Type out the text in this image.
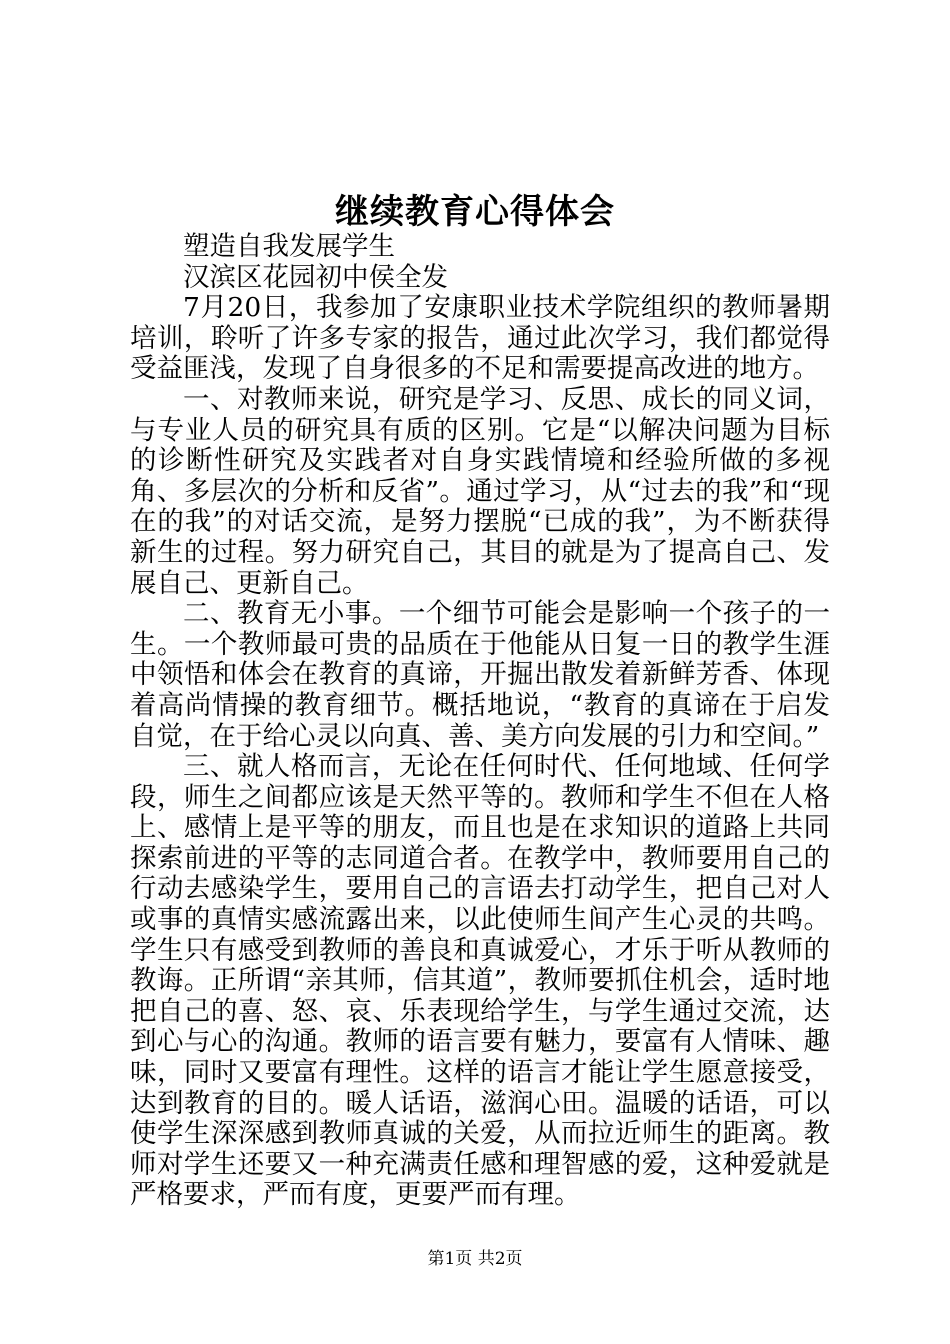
继续教育心得体会

塑造自我发展学生

汉滨区花园初中侯全发

7月20日，我参加了安康职业技术学院组织的教师暑期培训，聆听了许多专家的报告，通过此次学习，我们都觉得受益匪浅，发现了自身很多的不足和需要提高改进的地方。

一、对教师来说，研究是学习、反思、成长的同义词，与专业人员的研究具有质的区别。它是“以解决问题为目标的诊断性研究及实践者对自身实践情境和经验所做的多视角、多层次的分析和反省”。通过学习，从“过去的我”和“现在的我”的对话交流，是努力摆脱“已成的我”，为不断获得新生的过程。努力研究自己，其目的就是为了提高自己、发展自己、更新自己。

二、教育无小事。一个细节可能会是影响一个孩子的一生。一个教师最可贵的品质在于他能从日复一日的教学生涯中领悟和体会在教育的真谛，开掘出散发着新鲜芳香、体现着高尚情操的教育细节。概括地说，“教育的真谛在于启发自觉，在于给心灵以向真、善、美方向发展的引力和空间。”

三、就人格而言，无论在任何时代、任何地域、任何学段，师生之间都应该是天然平等的。教师和学生不但在人格上、感情上是平等的朋友，而且也是在求知识的道路上共同探索前进的平等的志同道合者。在教学中，教师要用自己的行动去感染学生，要用自己的言语去打动学生，把自己对人或事的真情实感流露出来，以此使师生间产生心灵的共鸣。学生只有感受到教师的善良和真诚爱心，才乐于听从教师的教诲。正所谓“亲其师，信其道”，教师要抓住机会，适时地把自己的喜、怒、哀、乐表现给学生，与学生通过交流，达到心与心的沟通。教师的语言要有魅力，要富有人情味、趣味，同时又要富有理性。这样的语言才能让学生愿意接受，达到教育的目的。暖人话语，滋润心田。温暖的话语，可以使学生深深感到教师真诚的关爱，从而拉近师生的距离。教师对学生还要又一种充满责任感和理智感的爱，这种爱就是严格要求，严而有度，更要严而有理。

第1页 共2页
